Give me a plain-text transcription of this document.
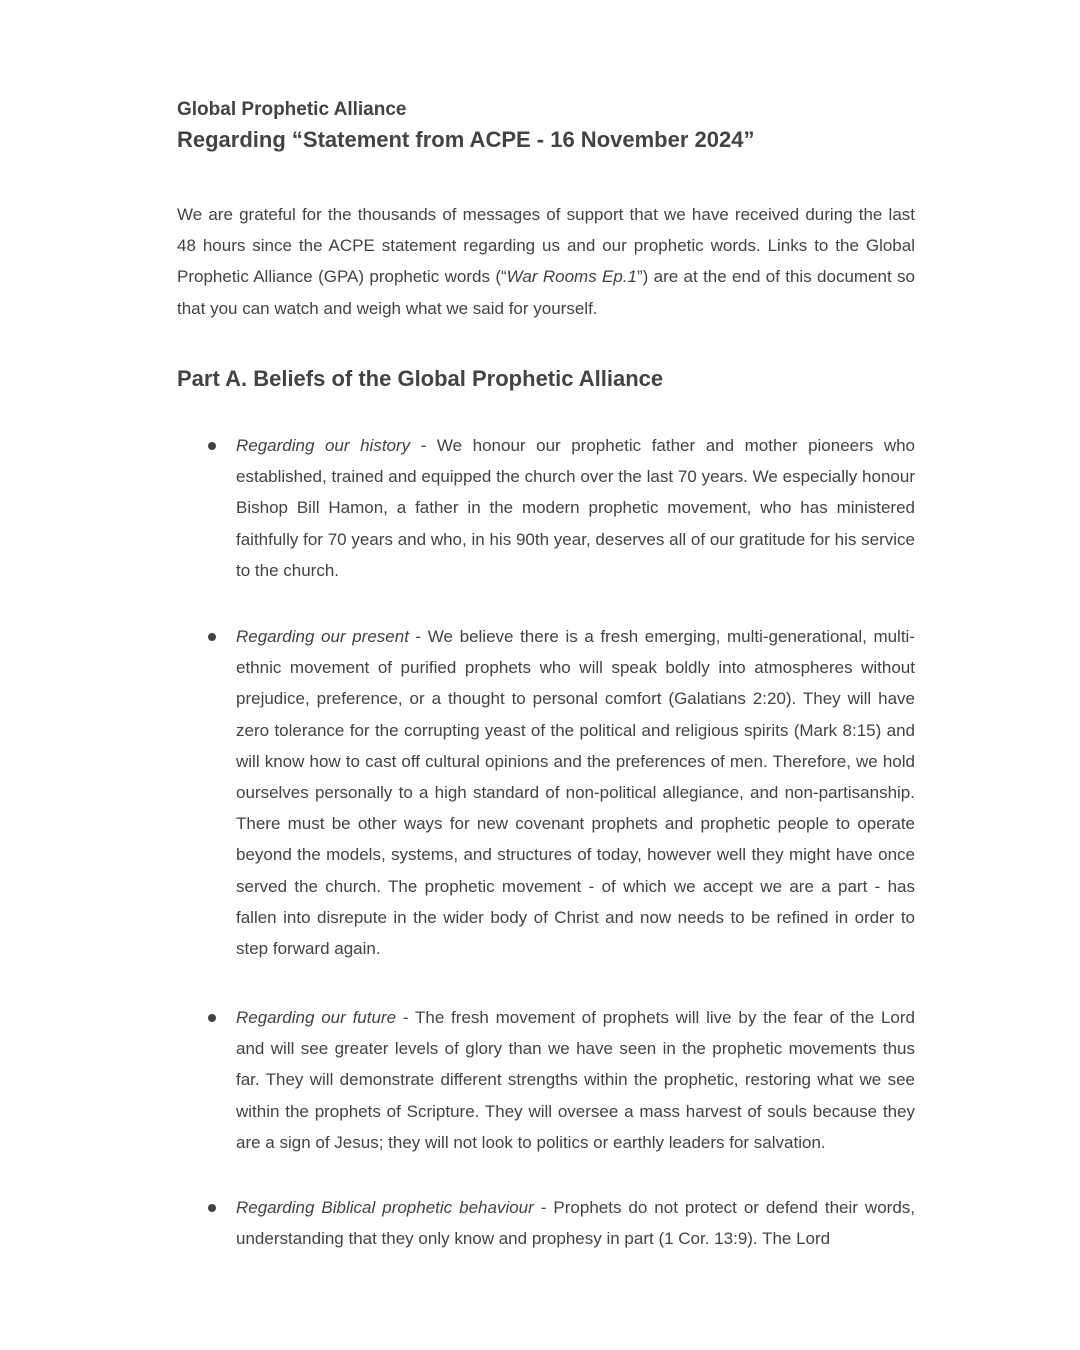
Global Prophetic Alliance
Regarding “Statement from ACPE - 16 November 2024”

We are grateful for the thousands of messages of support that we have received during the last 48 hours since the ACPE statement regarding us and our prophetic words. Links to the Global Prophetic Alliance (GPA) prophetic words (“War Rooms Ep.1”) are at the end of this document so that you can watch and weigh what we said for yourself.

Part A. Beliefs of the Global Prophetic Alliance

Regarding our history - We honour our prophetic father and mother pioneers who established, trained and equipped the church over the last 70 years. We especially honour Bishop Bill Hamon, a father in the modern prophetic movement, who has ministered faithfully for 70 years and who, in his 90th year, deserves all of our gratitude for his service to the church.

Regarding our present - We believe there is a fresh emerging, multi-generational, multi-ethnic movement of purified prophets who will speak boldly into atmospheres without prejudice, preference, or a thought to personal comfort (Galatians 2:20). They will have zero tolerance for the corrupting yeast of the political and religious spirits (Mark 8:15) and will know how to cast off cultural opinions and the preferences of men. Therefore, we hold ourselves personally to a high standard of non-political allegiance, and non-partisanship. There must be other ways for new covenant prophets and prophetic people to operate beyond the models, systems, and structures of today, however well they might have once served the church. The prophetic movement - of which we accept we are a part - has fallen into disrepute in the wider body of Christ and now needs to be refined in order to step forward again.

Regarding our future - The fresh movement of prophets will live by the fear of the Lord and will see greater levels of glory than we have seen in the prophetic movements thus far. They will demonstrate different strengths within the prophetic, restoring what we see within the prophets of Scripture. They will oversee a mass harvest of souls because they are a sign of Jesus; they will not look to politics or earthly leaders for salvation.

Regarding Biblical prophetic behaviour - Prophets do not protect or defend their words, understanding that they only know and prophesy in part (1 Cor. 13:9). The Lord
